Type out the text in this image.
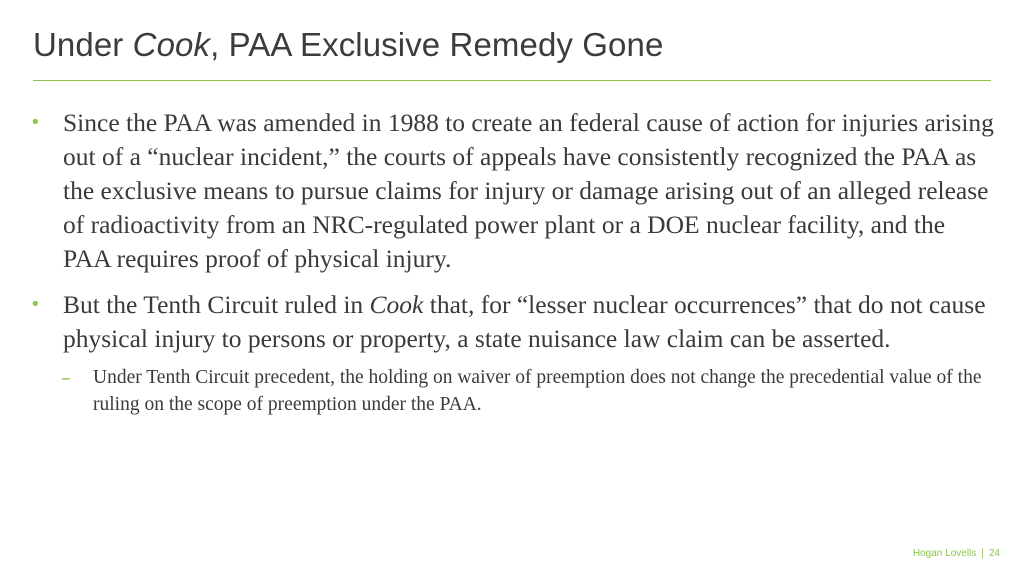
Under Cook, PAA Exclusive Remedy Gone
• Since the PAA was amended in 1988 to create an federal cause of action for injuries arising out of a “nuclear incident,” the courts of appeals have consistently recognized the PAA as the exclusive means to pursue claims for injury or damage arising out of an alleged release of radioactivity from an NRC-regulated power plant or a DOE nuclear facility, and the PAA requires proof of physical injury.
• But the Tenth Circuit ruled in Cook that, for “lesser nuclear occurrences” that do not cause physical injury to persons or property, a state nuisance law claim can be asserted.
– Under Tenth Circuit precedent, the holding on waiver of preemption does not change the precedential value of the ruling on the scope of preemption under the PAA.
Hogan Lovells | 24
